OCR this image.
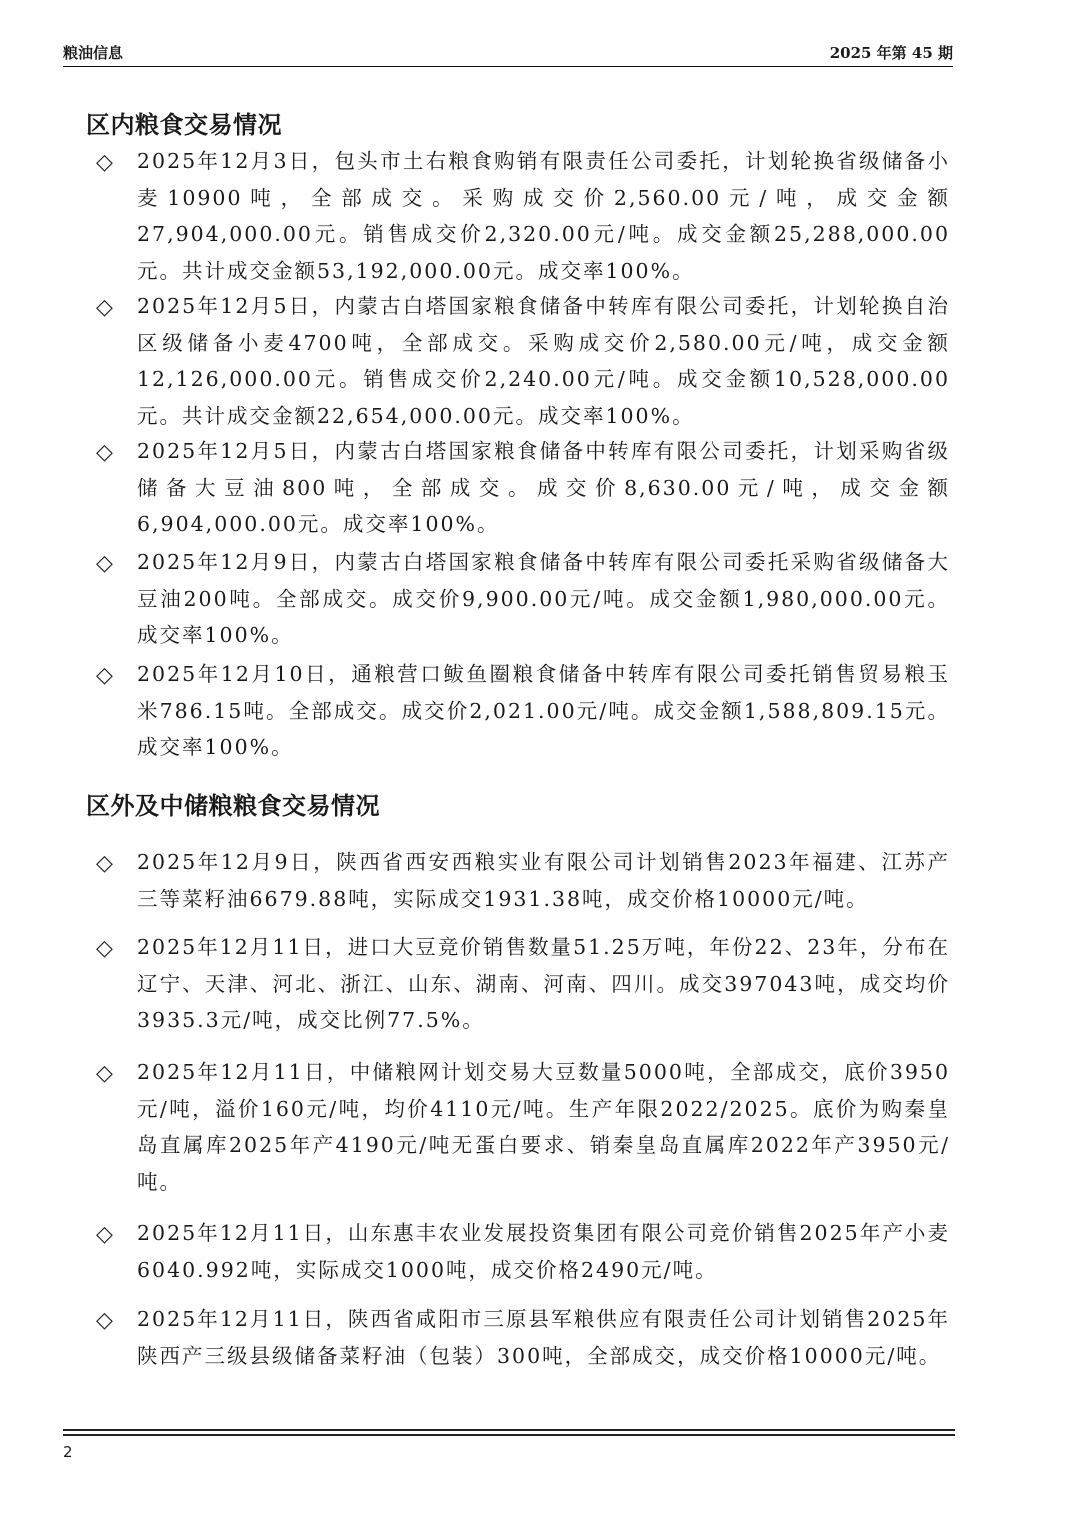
粮油信息	2025 年第 45 期
区内粮食交易情况
◇ 2025年12月3日，包头市土右粮食购销有限责任公司委托，计划轮换省级储备小麦10900吨，全部成交。采购成交价2,560.00元/吨，成交金额27,904,000.00元。销售成交价2,320.00元/吨。成交金额25,288,000.00元。共计成交金额53,192,000.00元。成交率100%。
◇ 2025年12月5日，内蒙古白塔国家粮食储备中转库有限公司委托，计划轮换自治区级储备小麦4700吨，全部成交。采购成交价2,580.00元/吨，成交金额12,126,000.00元。销售成交价2,240.00元/吨。成交金额10,528,000.00元。共计成交金额22,654,000.00元。成交率100%。
◇ 2025年12月5日，内蒙古白塔国家粮食储备中转库有限公司委托，计划采购省级储备大豆油800吨，全部成交。成交价8,630.00元/吨，成交金额6,904,000.00元。成交率100%。
◇ 2025年12月9日，内蒙古白塔国家粮食储备中转库有限公司委托采购省级储备大豆油200吨。全部成交。成交价9,900.00元/吨。成交金额1,980,000.00元。成交率100%。
◇ 2025年12月10日，通粮营口鲅鱼圈粮食储备中转库有限公司委托销售贸易粮玉米786.15吨。全部成交。成交价2,021.00元/吨。成交金额1,588,809.15元。成交率100%。
区外及中储粮粮食交易情况
◇ 2025年12月9日，陕西省西安西粮实业有限公司计划销售2023年福建、江苏产三等菜籽油6679.88吨，实际成交1931.38吨，成交价格10000元/吨。
◇ 2025年12月11日，进口大豆竞价销售数量51.25万吨，年份22、23年，分布在辽宁、天津、河北、浙江、山东、湖南、河南、四川。成交397043吨，成交均价3935.3元/吨，成交比例77.5%。
◇ 2025年12月11日，中储粮网计划交易大豆数量5000吨，全部成交，底价3950元/吨，溢价160元/吨，均价4110元/吨。生产年限2022/2025。底价为购秦皇岛直属库2025年产4190元/吨无蛋白要求、销秦皇岛直属库2022年产3950元/吨。
◇ 2025年12月11日，山东惠丰农业发展投资集团有限公司竞价销售2025年产小麦6040.992吨，实际成交1000吨，成交价格2490元/吨。
◇ 2025年12月11日，陕西省咸阳市三原县军粮供应有限责任公司计划销售2025年陕西产三级县级储备菜籽油（包装）300吨，全部成交，成交价格10000元/吨。
2
